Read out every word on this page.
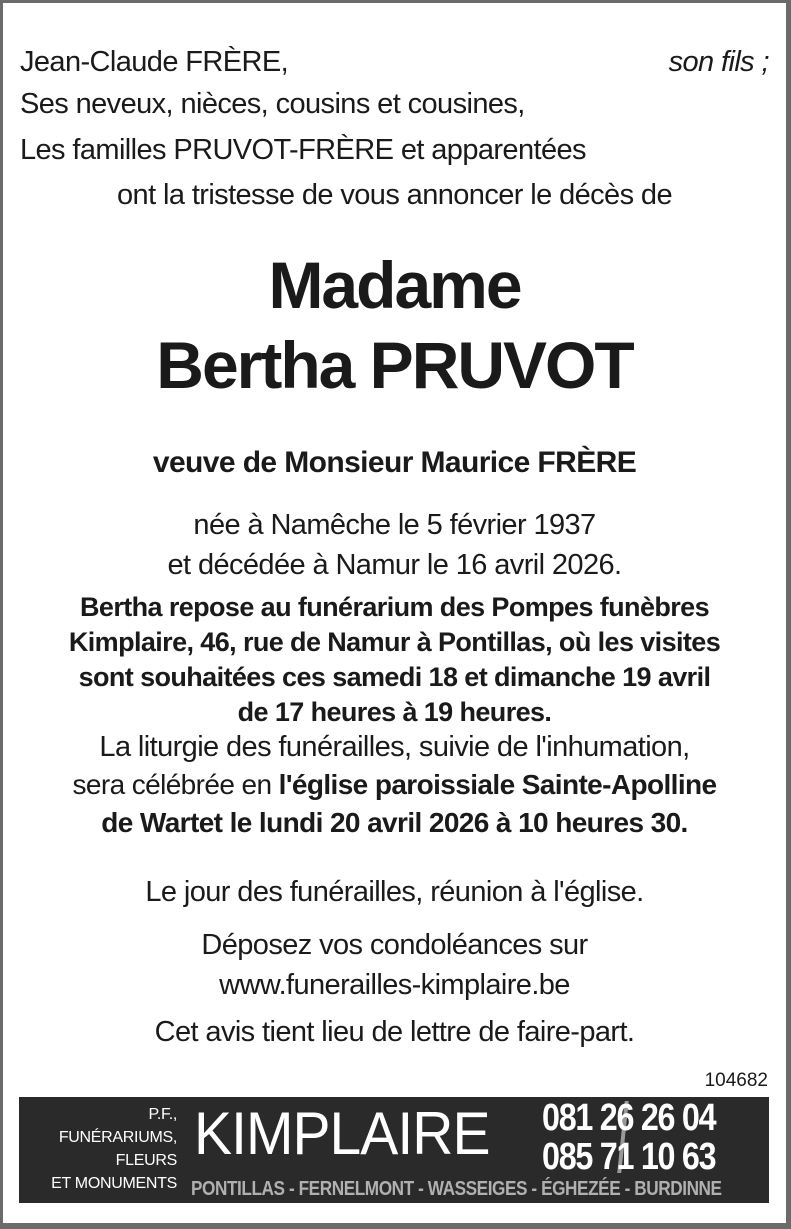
Jean-Claude FRÈRE,	son fils ;
Ses neveux, nièces, cousins et cousines,
Les familles PRUVOT-FRÈRE et apparentées
ont la tristesse de vous annoncer le décès de
Madame
Bertha PRUVOT
veuve de Monsieur Maurice FRÈRE
née à Namêche le 5 février 1937
et décédée à Namur le 16 avril 2026.
Bertha repose au funérarium des Pompes funèbres
Kimplaire, 46, rue de Namur à Pontillas, où les visites
sont souhaitées ces samedi 18 et dimanche 19 avril
de 17 heures à 19 heures.
La liturgie des funérailles, suivie de l'inhumation,
sera célébrée en l'église paroissiale Sainte-Apolline
de Wartet le lundi 20 avril 2026 à 10 heures 30.
Le jour des funérailles, réunion à l'église.
Déposez vos condoléances sur
www.funerailles-kimplaire.be
Cet avis tient lieu de lettre de faire-part.
104682
P.F.,
FUNÉRARIUMS,
FLEURS
ET MONUMENTS
KIMPLAIRE 081 26 26 04
085 71 10 63
PONTILLAS - FERNELMONT - WASSEIGES - ÉGHEZÉE - BURDINNE
